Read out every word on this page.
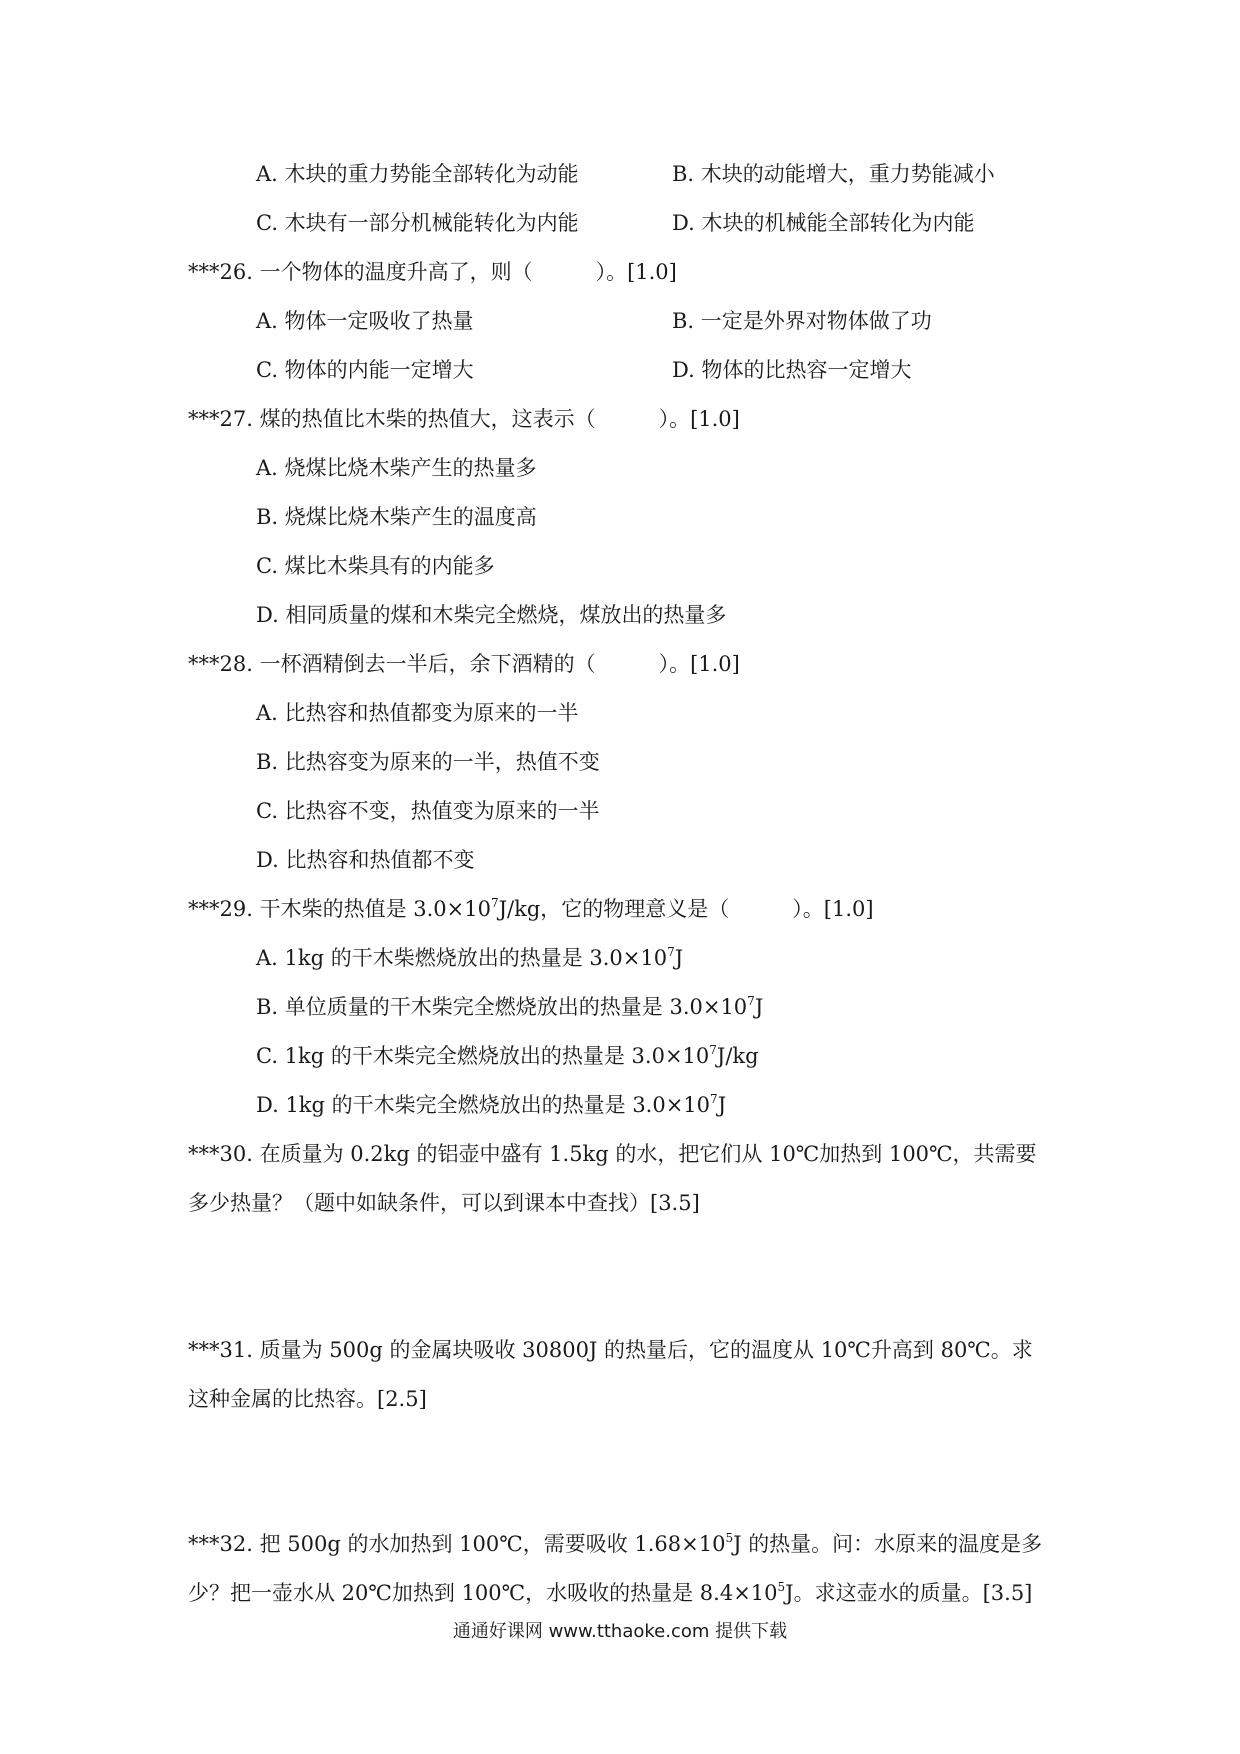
A. 木块的重力势能全部转化为动能	B. 木块的动能增大，重力势能减小
C. 木块有一部分机械能转化为内能	D. 木块的机械能全部转化为内能
***26. 一个物体的温度升高了，则（　　　）。[1.0]
A. 物体一定吸收了热量	B. 一定是外界对物体做了功
C. 物体的内能一定增大	D. 物体的比热容一定增大
***27. 煤的热值比木柴的热值大，这表示（　　　）。[1.0]
A. 烧煤比烧木柴产生的热量多
B. 烧煤比烧木柴产生的温度高
C. 煤比木柴具有的内能多
D. 相同质量的煤和木柴完全燃烧，煤放出的热量多
***28. 一杯酒精倒去一半后，余下酒精的（　　　）。[1.0]
A. 比热容和热值都变为原来的一半
B. 比热容变为原来的一半，热值不变
C. 比热容不变，热值变为原来的一半
D. 比热容和热值都不变
***29. 干木柴的热值是 $3.0\times 10^7J/kg$，它的物理意义是（　　　）。[1.0]
A. 1kg 的干木柴燃烧放出的热量是 $3.0\times 10^7J$
B. 单位质量的干木柴完全燃烧放出的热量是 $3.0\times 10^7J$
C. 1kg 的干木柴完全燃烧放出的热量是 $3.0\times 10^7J/kg$
D. 1kg 的干木柴完全燃烧放出的热量是 $3.0\times 10^7J$
***30. 在质量为 0.2kg 的铝壶中盛有 1.5kg 的水，把它们从 10℃加热到 100℃，共需要
多少热量？（题中如缺条件，可以到课本中查找）[3.5]
***31. 质量为 500g 的金属块吸收 30800J 的热量后，它的温度从 10℃升高到 80℃。求
这种金属的比热容。[2.5]
***32. 把 500g 的水加热到 100℃，需要吸收 $1.68\times 10^5J$ 的热量。问：水原来的温度是多
少？把一壶水从 20℃加热到 100℃，水吸收的热量是 $8.4\times 10^5J$。求这壶水的质量。[3.5]
通通好课网 www.tthaoke.com 提供下载
